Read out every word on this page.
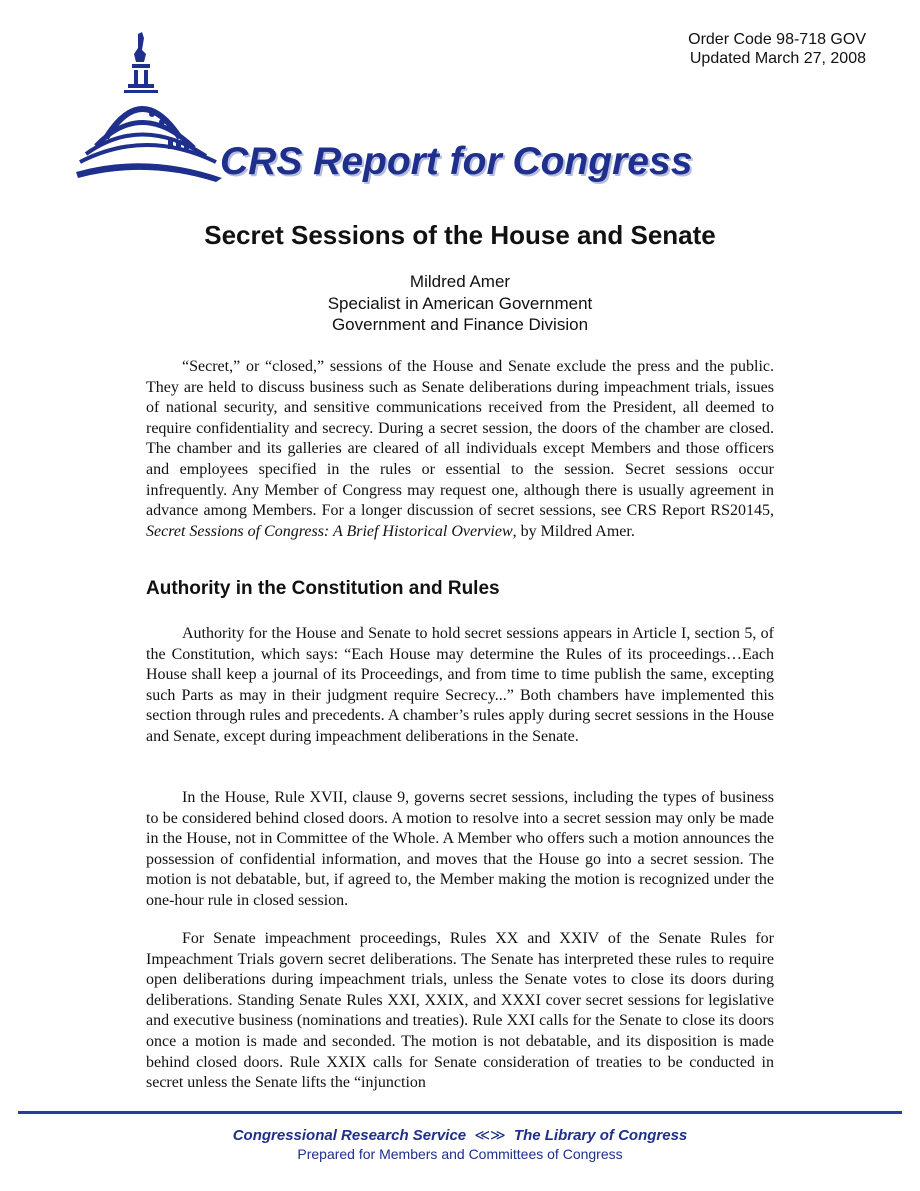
Order Code 98-718 GOV
Updated March 27, 2008
CRS Report for Congress
Secret Sessions of the House and Senate
Mildred Amer
Specialist in American Government
Government and Finance Division

“Secret,” or “closed,” sessions of the House and Senate exclude the press and the public. They are held to discuss business such as Senate deliberations during impeachment trials, issues of national security, and sensitive communications received from the President, all deemed to require confidentiality and secrecy. During a secret session, the doors of the chamber are closed. The chamber and its galleries are cleared of all individuals except Members and those officers and employees specified in the rules or essential to the session. Secret sessions occur infrequently. Any Member of Congress may request one, although there is usually agreement in advance among Members. For a longer discussion of secret sessions, see CRS Report RS20145, Secret Sessions of Congress: A Brief Historical Overview, by Mildred Amer.

Authority in the Constitution and Rules

Authority for the House and Senate to hold secret sessions appears in Article I, section 5, of the Constitution, which says: “Each House may determine the Rules of its proceedings…Each House shall keep a journal of its Proceedings, and from time to time publish the same, excepting such Parts as may in their judgment require Secrecy...” Both chambers have implemented this section through rules and precedents. A chamber’s rules apply during secret sessions in the House and Senate, except during impeachment deliberations in the Senate.

In the House, Rule XVII, clause 9, governs secret sessions, including the types of business to be considered behind closed doors. A motion to resolve into a secret session may only be made in the House, not in Committee of the Whole. A Member who offers such a motion announces the possession of confidential information, and moves that the House go into a secret session. The motion is not debatable, but, if agreed to, the Member making the motion is recognized under the one-hour rule in closed session.

For Senate impeachment proceedings, Rules XX and XXIV of the Senate Rules for Impeachment Trials govern secret deliberations. The Senate has interpreted these rules to require open deliberations during impeachment trials, unless the Senate votes to close its doors during deliberations. Standing Senate Rules XXI, XXIX, and XXXI cover secret sessions for legislative and executive business (nominations and treaties). Rule XXI calls for the Senate to close its doors once a motion is made and seconded. The motion is not debatable, and its disposition is made behind closed doors. Rule XXIX calls for Senate consideration of treaties to be conducted in secret unless the Senate lifts the “injunction

Congressional Research Service ≪≫ The Library of Congress
Prepared for Members and Committees of Congress
